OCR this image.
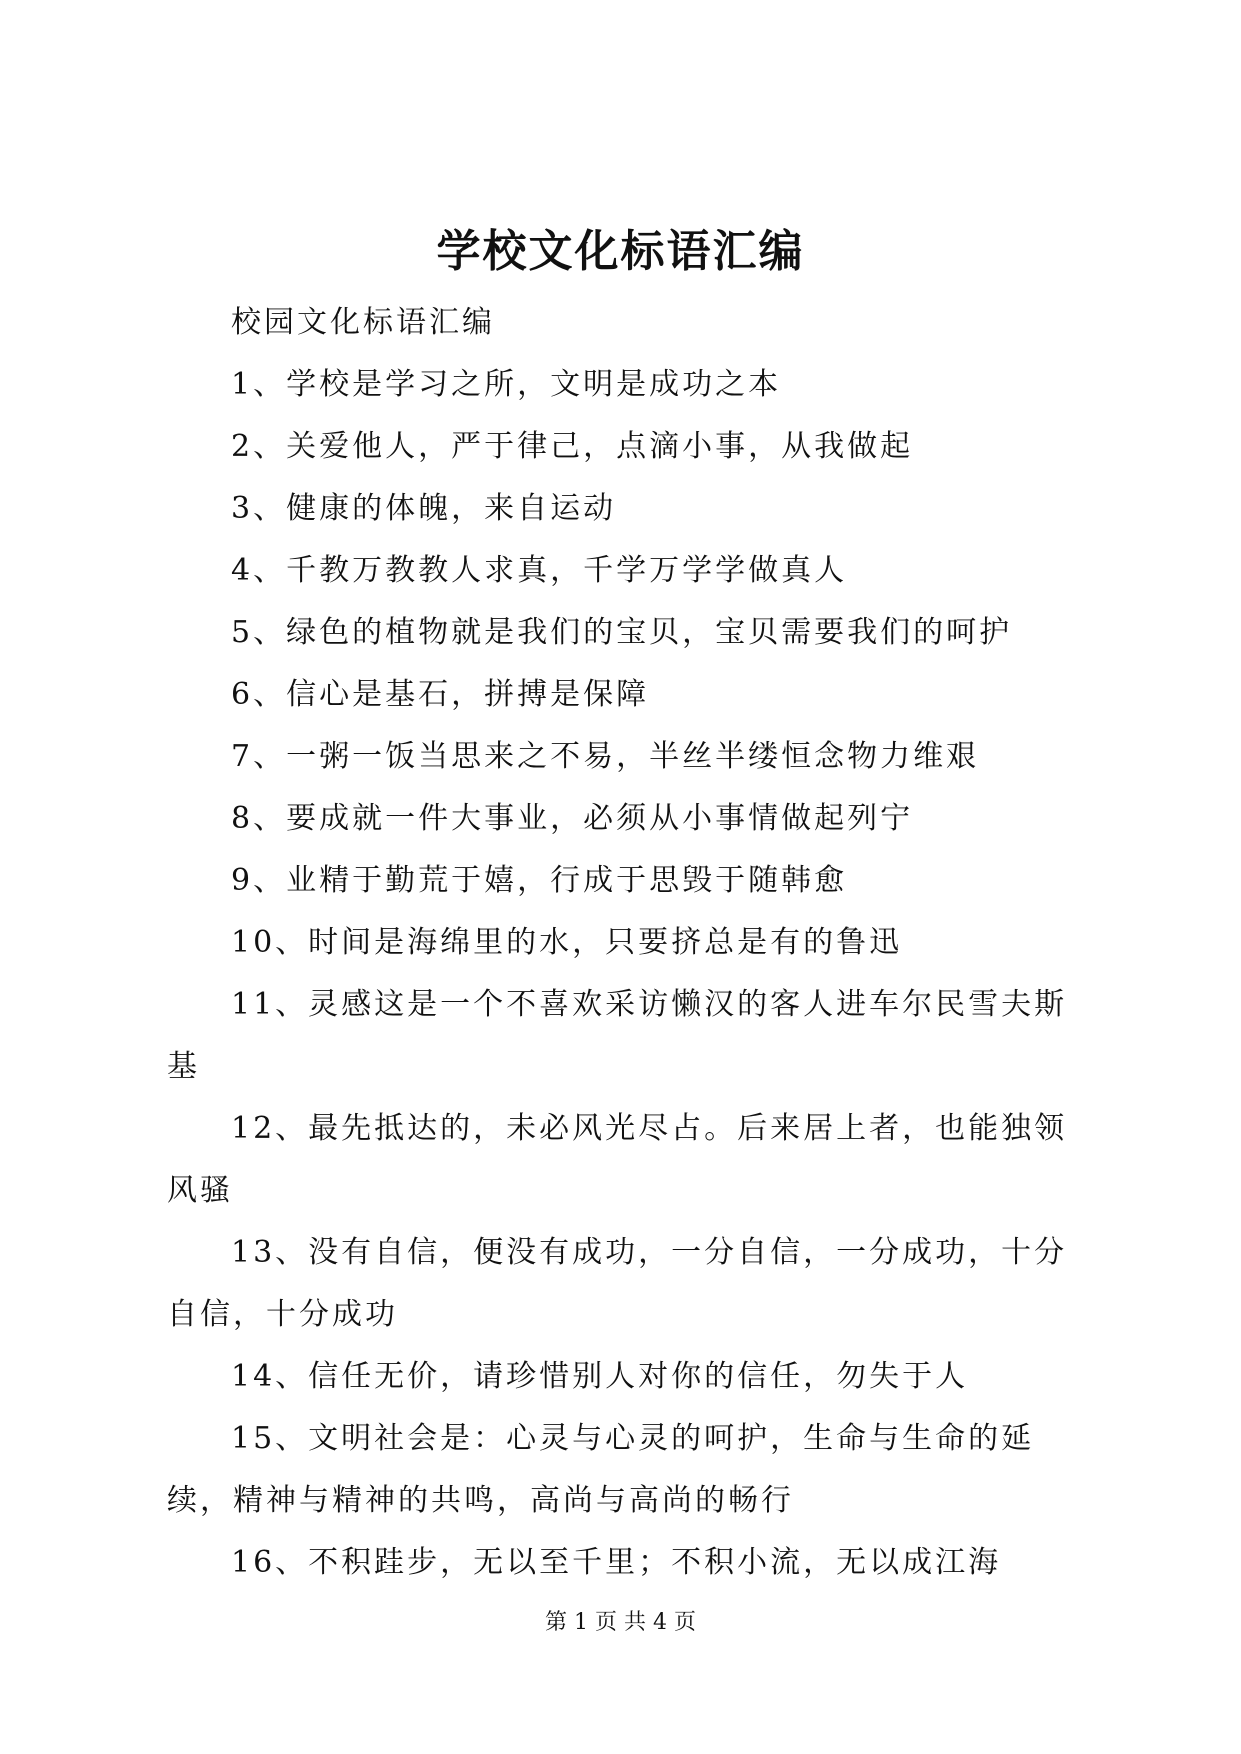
学校文化标语汇编

校园文化标语汇编

1、学校是学习之所，文明是成功之本

2、关爱他人，严于律己，点滴小事，从我做起

3、健康的体魄，来自运动

4、千教万教教人求真，千学万学学做真人

5、绿色的植物就是我们的宝贝，宝贝需要我们的呵护

6、信心是基石，拼搏是保障

7、一粥一饭当思来之不易，半丝半缕恒念物力维艰

8、要成就一件大事业，必须从小事情做起列宁

9、业精于勤荒于嬉，行成于思毁于随韩愈

10、时间是海绵里的水，只要挤总是有的鲁迅

11、灵感这是一个不喜欢采访懒汉的客人进车尔民雪夫斯基

12、最先抵达的，未必风光尽占。后来居上者，也能独领风骚

13、没有自信，便没有成功，一分自信，一分成功，十分自信，十分成功

14、信任无价，请珍惜别人对你的信任，勿失于人

15、文明社会是：心灵与心灵的呵护，生命与生命的延续，精神与精神的共鸣，高尚与高尚的畅行

16、不积跬步，无以至千里；不积小流，无以成江海

第 1 页 共 4 页
